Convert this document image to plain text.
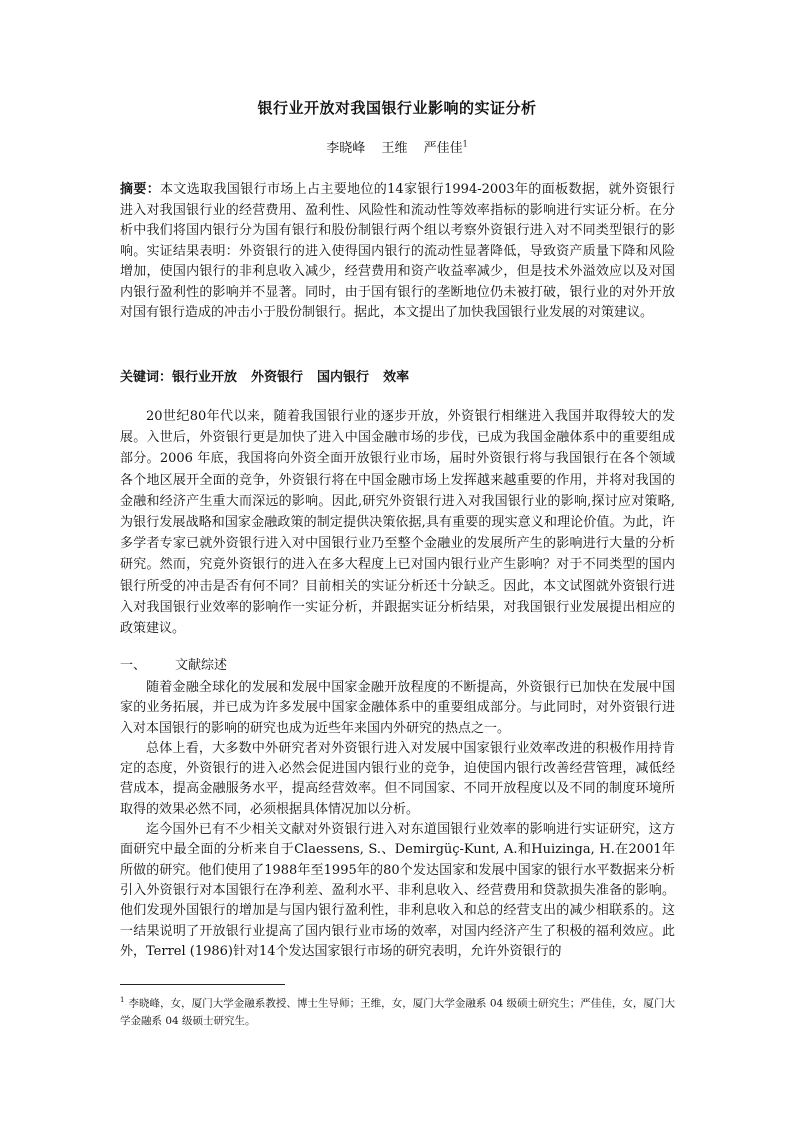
银行业开放对我国银行业影响的实证分析
李晓峰 王维 严佳佳$^1$
摘要：本文选取我国银行市场上占主要地位的14家银行1994-2003年的面板数据，就外资银行进入对我国银行业的经营费用、盈利性、风险性和流动性等效率指标的影响进行实证分析。在分析中我们将国内银行分为国有银行和股份制银行两个组以考察外资银行进入对不同类型银行的影响。实证结果表明：外资银行的进入使得国内银行的流动性显著降低，导致资产质量下降和风险增加，使国内银行的非利息收入减少，经营费用和资产收益率减少，但是技术外溢效应以及对国内银行盈利性的影响并不显著。同时，由于国有银行的垄断地位仍未被打破，银行业的对外开放对国有银行造成的冲击小于股份制银行。据此，本文提出了加快我国银行业发展的对策建议。
关键词：银行业开放 外资银行 国内银行 效率
20世纪80年代以来，随着我国银行业的逐步开放，外资银行相继进入我国并取得较大的发展。入世后，外资银行更是加快了进入中国金融市场的步伐，已成为我国金融体系中的重要组成部分。2006 年底，我国将向外资全面开放银行业市场，届时外资银行将与我国银行在各个领域各个地区展开全面的竞争，外资银行将在中国金融市场上发挥越来越重要的作用，并将对我国的金融和经济产生重大而深远的影响。因此,研究外资银行进入对我国银行业的影响,探讨应对策略,为银行发展战略和国家金融政策的制定提供决策依据,具有重要的现实意义和理论价值。为此，许多学者专家已就外资银行进入对中国银行业乃至整个金融业的发展所产生的影响进行大量的分析研究。然而，究竟外资银行的进入在多大程度上已对国内银行业产生影响？对于不同类型的国内银行所受的冲击是否有何不同？目前相关的实证分析还十分缺乏。因此，本文试图就外资银行进入对我国银行业效率的影响作一实证分析，并跟据实证分析结果，对我国银行业发展提出相应的政策建议。
一、 文献综述

随着金融全球化的发展和发展中国家金融开放程度的不断提高，外资银行已加快在发展中国家的业务拓展，并已成为许多发展中国家金融体系中的重要组成部分。与此同时，对外资银行进入对本国银行的影响的研究也成为近些年来国内外研究的热点之一。

总体上看，大多数中外研究者对外资银行进入对发展中国家银行业效率改进的积极作用持肯定的态度，外资银行的进入必然会促进国内银行业的竞争，迫使国内银行改善经营管理，减低经营成本，提高金融服务水平，提高经营效率。但不同国家、不同开放程度以及不同的制度环境所取得的效果必然不同，必须根据具体情况加以分析。

迄今国外已有不少相关文献对外资银行进入对东道国银行业效率的影响进行实证研究，这方面研究中最全面的分析来自于Claessens, S.、Demirgüç-Kunt, A.和Huizinga, H.在2001年所做的研究。他们使用了1988年至1995年的80个发达国家和发展中国家的银行水平数据来分析引入外资银行对本国银行在净利差、盈利水平、非利息收入、经营费用和贷款损失准备的影响。他们发现外国银行的增加是与国内银行盈利性，非利息收入和总的经营支出的减少相联系的。这一结果说明了开放银行业提高了国内银行业市场的效率，对国内经济产生了积极的福利效应。此外，Terrel (1986)针对14个发达国家银行市场的研究表明，允许外资银行的

$^1$ 李晓峰，女，厦门大学金融系教授、博士生导师；王维，女，厦门大学金融系 04 级硕士研究生；严佳佳，女，厦门大学金融系 04 级硕士研究生。
